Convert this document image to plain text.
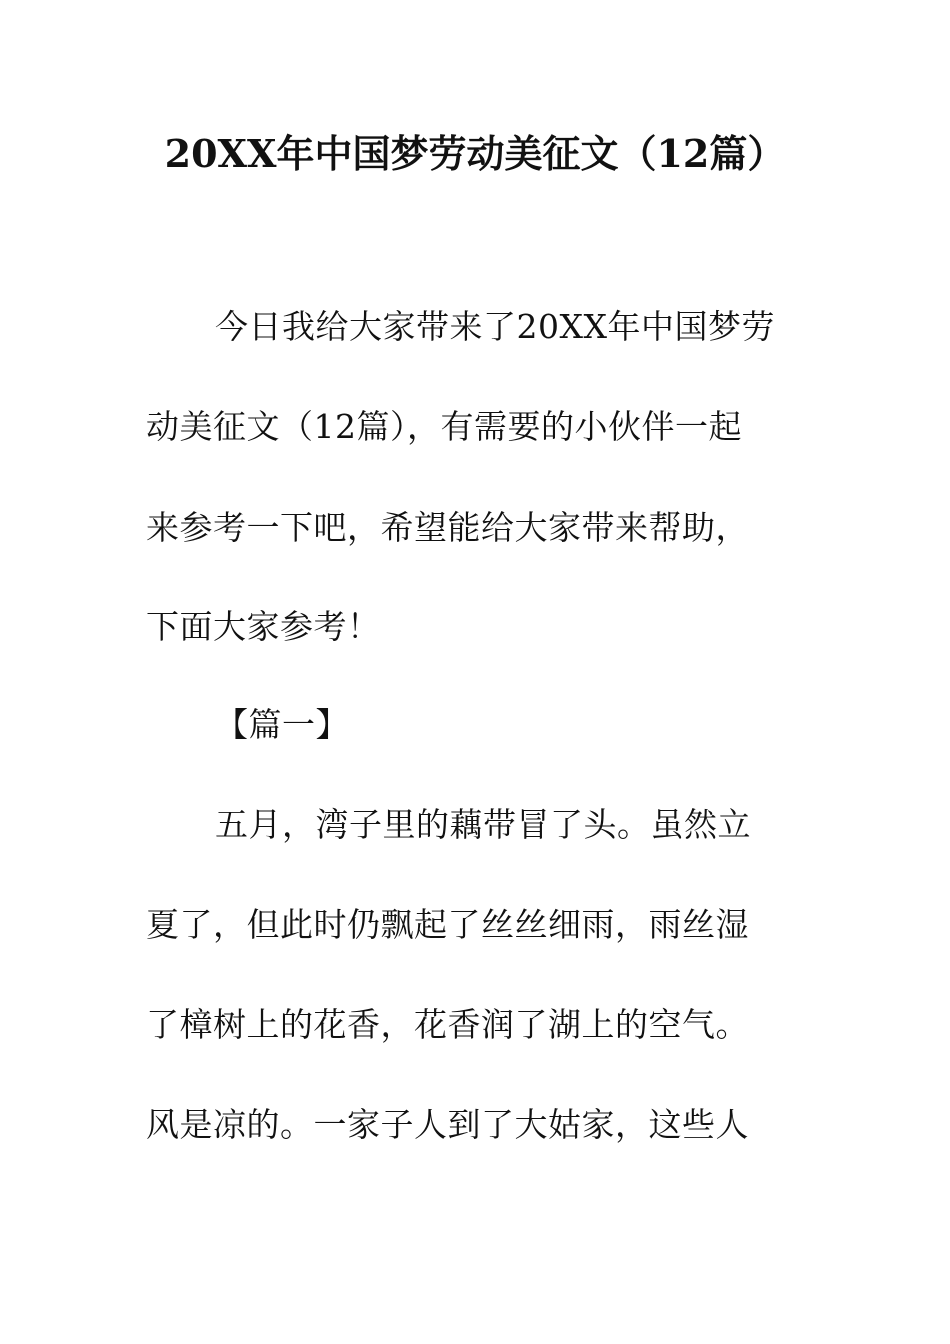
20XX年中国梦劳动美征文（12篇）
今日我给大家带来了20XX年中国梦劳
动美征文（12篇），有需要的小伙伴一起
来参考一下吧，希望能给大家带来帮助，
下面大家参考！
【篇一】
五月，湾子里的藕带冒了头。虽然立
夏了，但此时仍飘起了丝丝细雨，雨丝湿
了樟树上的花香，花香润了湖上的空气。
风是凉的。一家子人到了大姑家，这些人
